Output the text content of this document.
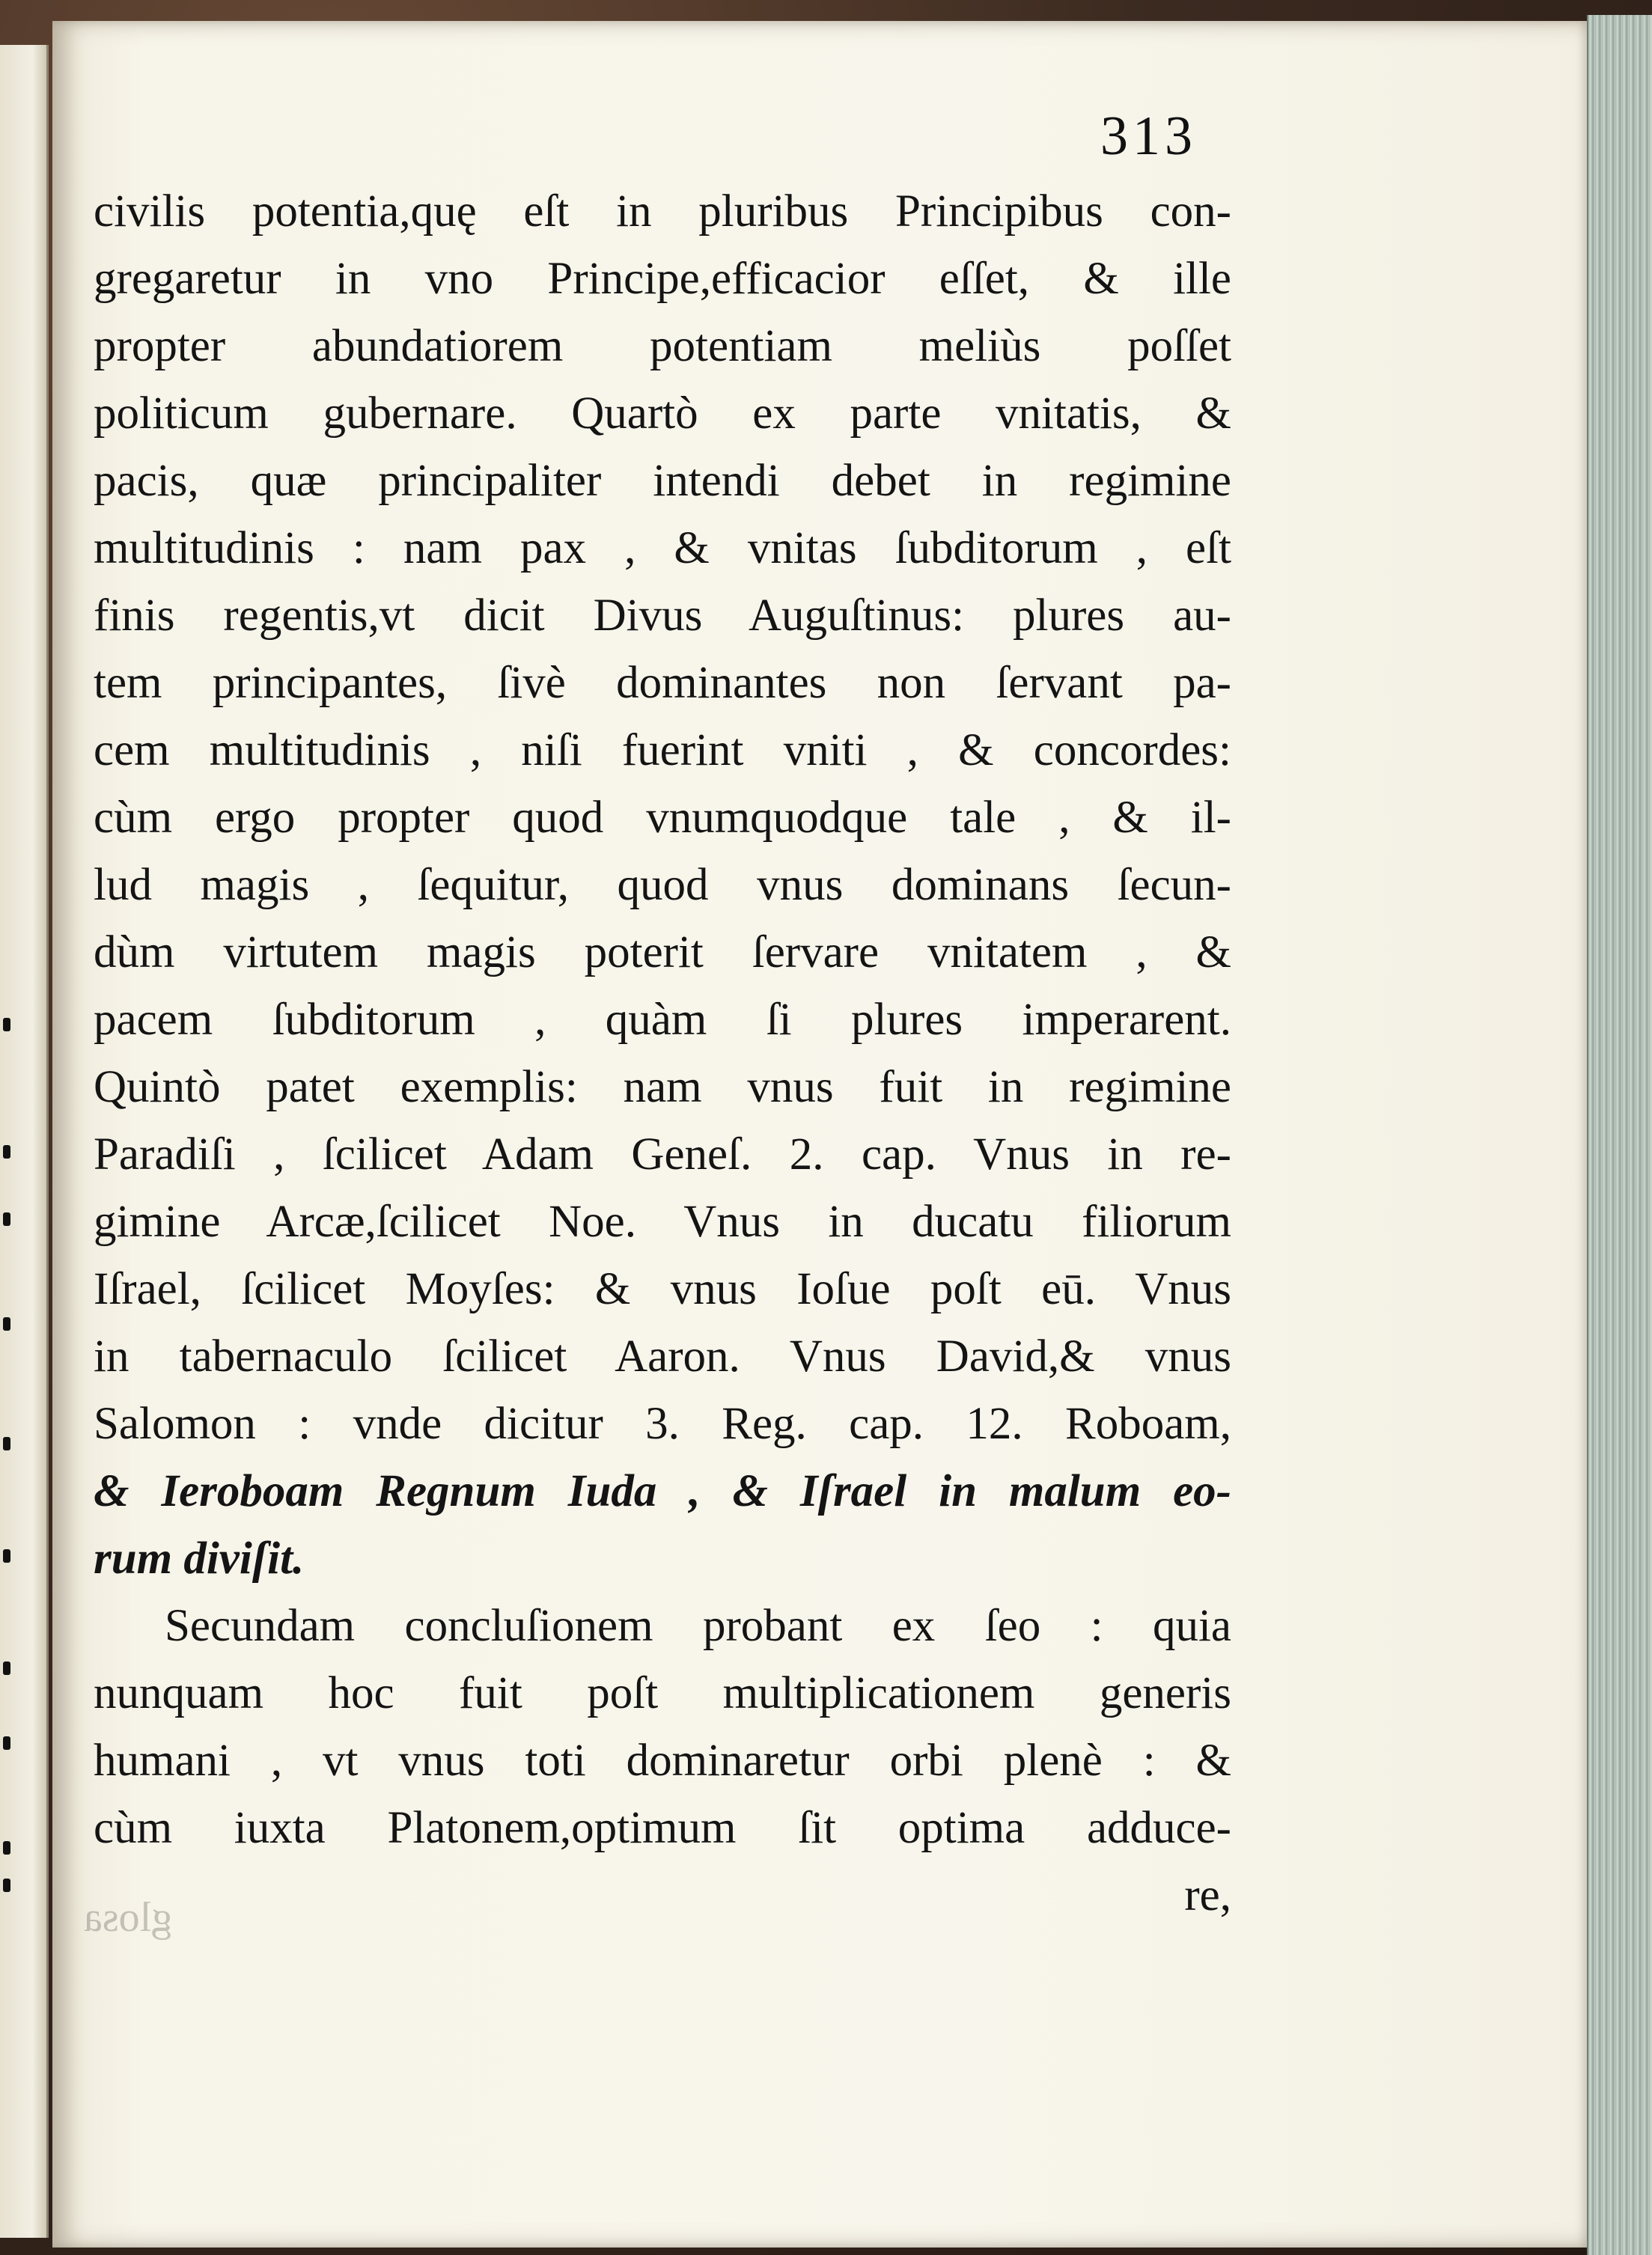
313
civilis potentia,quę eſt in pluribus Principibus con-
gregaretur in vno Principe,efficacior eſſet, & ille
propter abundatiorem potentiam meliùs poſſet
politicum gubernare. Quartò ex parte vnitatis, &
pacis, quæ principaliter intendi debet in regimine
multitudinis : nam pax , & vnitas ſubditorum , eſt
finis regentis,vt dicit Divus Auguſtinus: plures au-
tem principantes, ſivè dominantes non ſervant pa-
cem multitudinis , niſi fuerint vniti , & concordes:
cùm ergo propter quod vnumquodque tale , & il-
lud magis , ſequitur, quod vnus dominans ſecun-
dùm virtutem magis poterit ſervare vnitatem , &
pacem ſubditorum , quàm ſi plures imperarent.
Quintò patet exemplis: nam vnus fuit in regimine
Paradiſi , ſcilicet Adam Geneſ. 2. cap. Vnus in re-
gimine Arcæ,ſcilicet Noe. Vnus in ducatu filiorum
Iſrael, ſcilicet Moyſes: & vnus Ioſue poſt eū. Vnus
in tabernaculo ſcilicet Aaron. Vnus David,& vnus
Salomon : vnde dicitur 3. Reg. cap. 12. Roboam,
& Ieroboam Regnum Iuda , & Iſrael in malum eo-
rum diviſit.
Secundam concluſionem probant ex ſeo : quia
nunquam hoc fuit poſt multiplicationem generis
humani , vt vnus toti dominaretur orbi plenè : &
cùm iuxta Platonem,optimum ſit optima adduce-
re,
glosa
